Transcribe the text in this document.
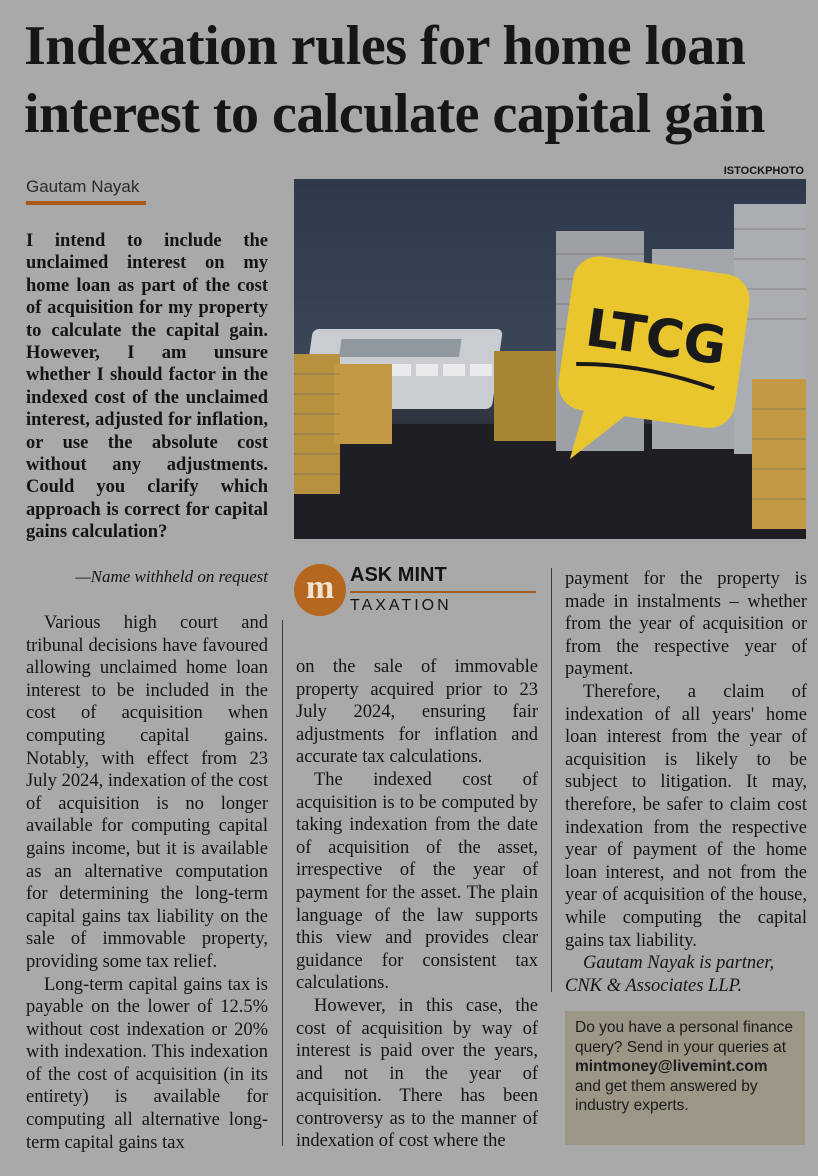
Indexation rules for home loan interest to calculate capital gain
ISTOCKPHOTO
Gautam Nayak

I intend to include the unclaimed interest on my home loan as part of the cost of acquisition for my property to calculate the capital gain. However, I am unsure whether I should factor in the indexed cost of the unclaimed interest, adjusted for inflation, or use the absolute cost without any adjustments. Could you clarify which approach is correct for capital gains calculation?

—Name withheld on request
LTCG
m ASK MINT
TAXATION

Various high court and tribunal decisions have favoured allowing unclaimed home loan interest to be included in the cost of acquisition when computing capital gains. Notably, with effect from 23 July 2024, indexation of the cost of acquisition is no longer available for computing capital gains income, but it is available as an alternative computation for determining the long-term capital gains tax liability on the sale of immovable property, providing some tax relief.

Long-term capital gains tax is payable on the lower of 12.5% without cost indexation or 20% with indexation. This indexation of the cost of acquisition (in its entirety) is available for computing all alternative long-term capital gains tax

on the sale of immovable property acquired prior to 23 July 2024, ensuring fair adjustments for inflation and accurate tax calculations.

The indexed cost of acquisition is to be computed by taking indexation from the date of acquisition of the asset, irrespective of the year of payment for the asset. The plain language of the law supports this view and provides clear guidance for consistent tax calculations.

However, in this case, the cost of acquisition by way of interest is paid over the years, and not in the year of acquisition. There has been controversy as to the manner of indexation of cost where the

payment for the property is made in instalments – whether from the year of acquisition or from the respective year of payment.

Therefore, a claim of indexation of all years' home loan interest from the year of acquisition is likely to be subject to litigation. It may, therefore, be safer to claim cost indexation from the respective year of payment of the home loan interest, and not from the year of acquisition of the house, while computing the capital gains tax liability.

Gautam Nayak is partner, CNK & Associates LLP.

Do you have a personal finance query? Send in your queries at
mintmoney@livemint.com
and get them answered by industry experts.
